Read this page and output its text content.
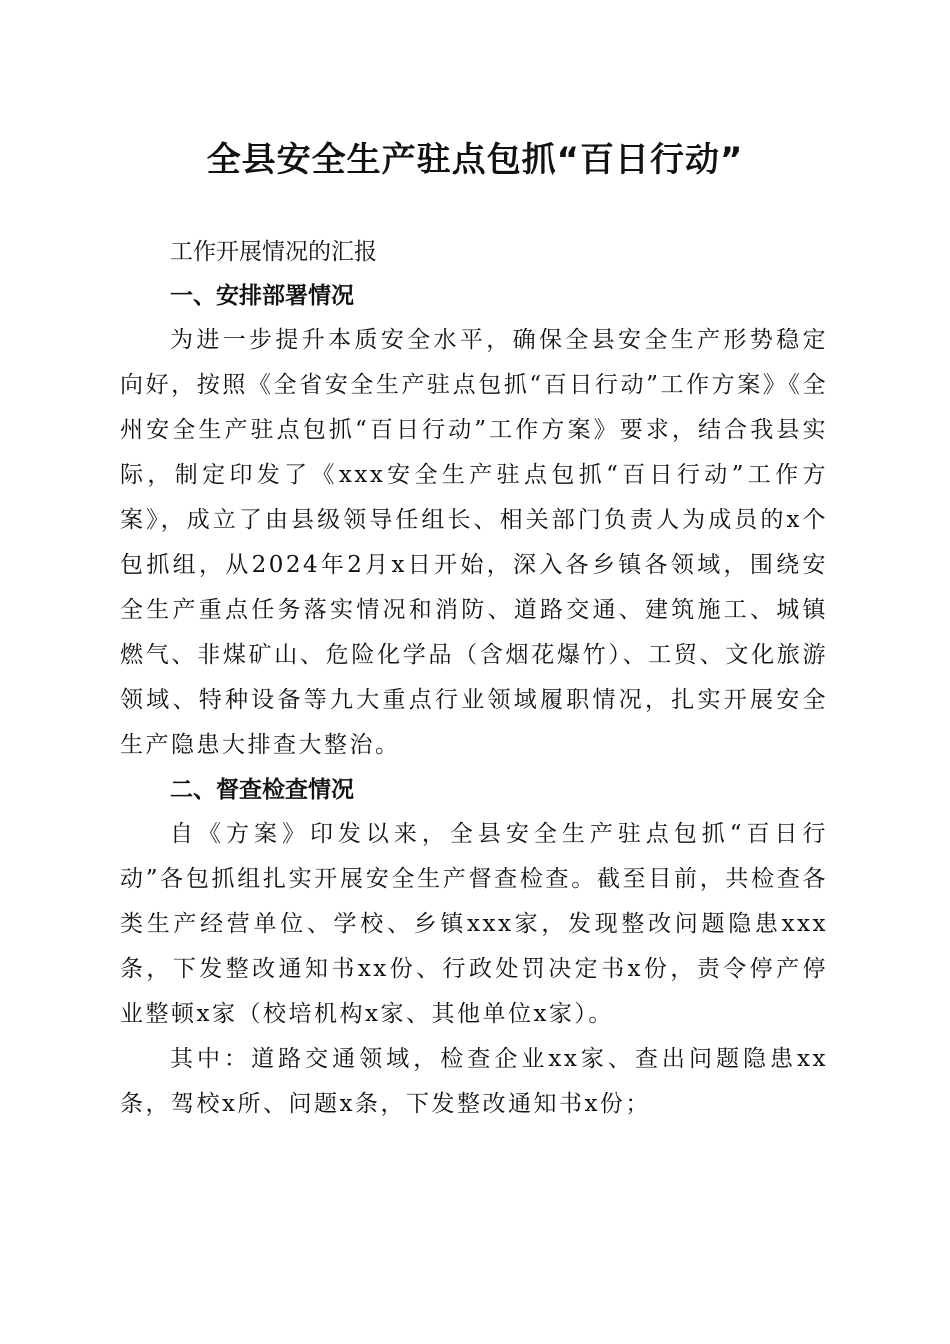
全县安全生产驻点包抓“百日行动”

工作开展情况的汇报

一、安排部署情况

为进一步提升本质安全水平，确保全县安全生产形势稳定向好，按照《全省安全生产驻点包抓“百日行动”工作方案》《全州安全生产驻点包抓“百日行动”工作方案》要求，结合我县实际，制定印发了《xxx安全生产驻点包抓“百日行动”工作方案》，成立了由县级领导任组长、相关部门负责人为成员的x个包抓组，从2024年2月x日开始，深入各乡镇各领域，围绕安全生产重点任务落实情况和消防、道路交通、建筑施工、城镇燃气、非煤矿山、危险化学品（含烟花爆竹）、工贸、文化旅游领域、特种设备等九大重点行业领域履职情况，扎实开展安全生产隐患大排查大整治。

二、督查检查情况

自《方案》印发以来，全县安全生产驻点包抓“百日行动”各包抓组扎实开展安全生产督查检查。截至目前，共检查各类生产经营单位、学校、乡镇xxx家，发现整改问题隐患xxx条，下发整改通知书xx份、行政处罚决定书x份，责令停产停业整顿x家（校培机构x家、其他单位x家）。

其中：道路交通领域，检查企业xx家、查出问题隐患xx条，驾校x所、问题x条，下发整改通知书x份；
